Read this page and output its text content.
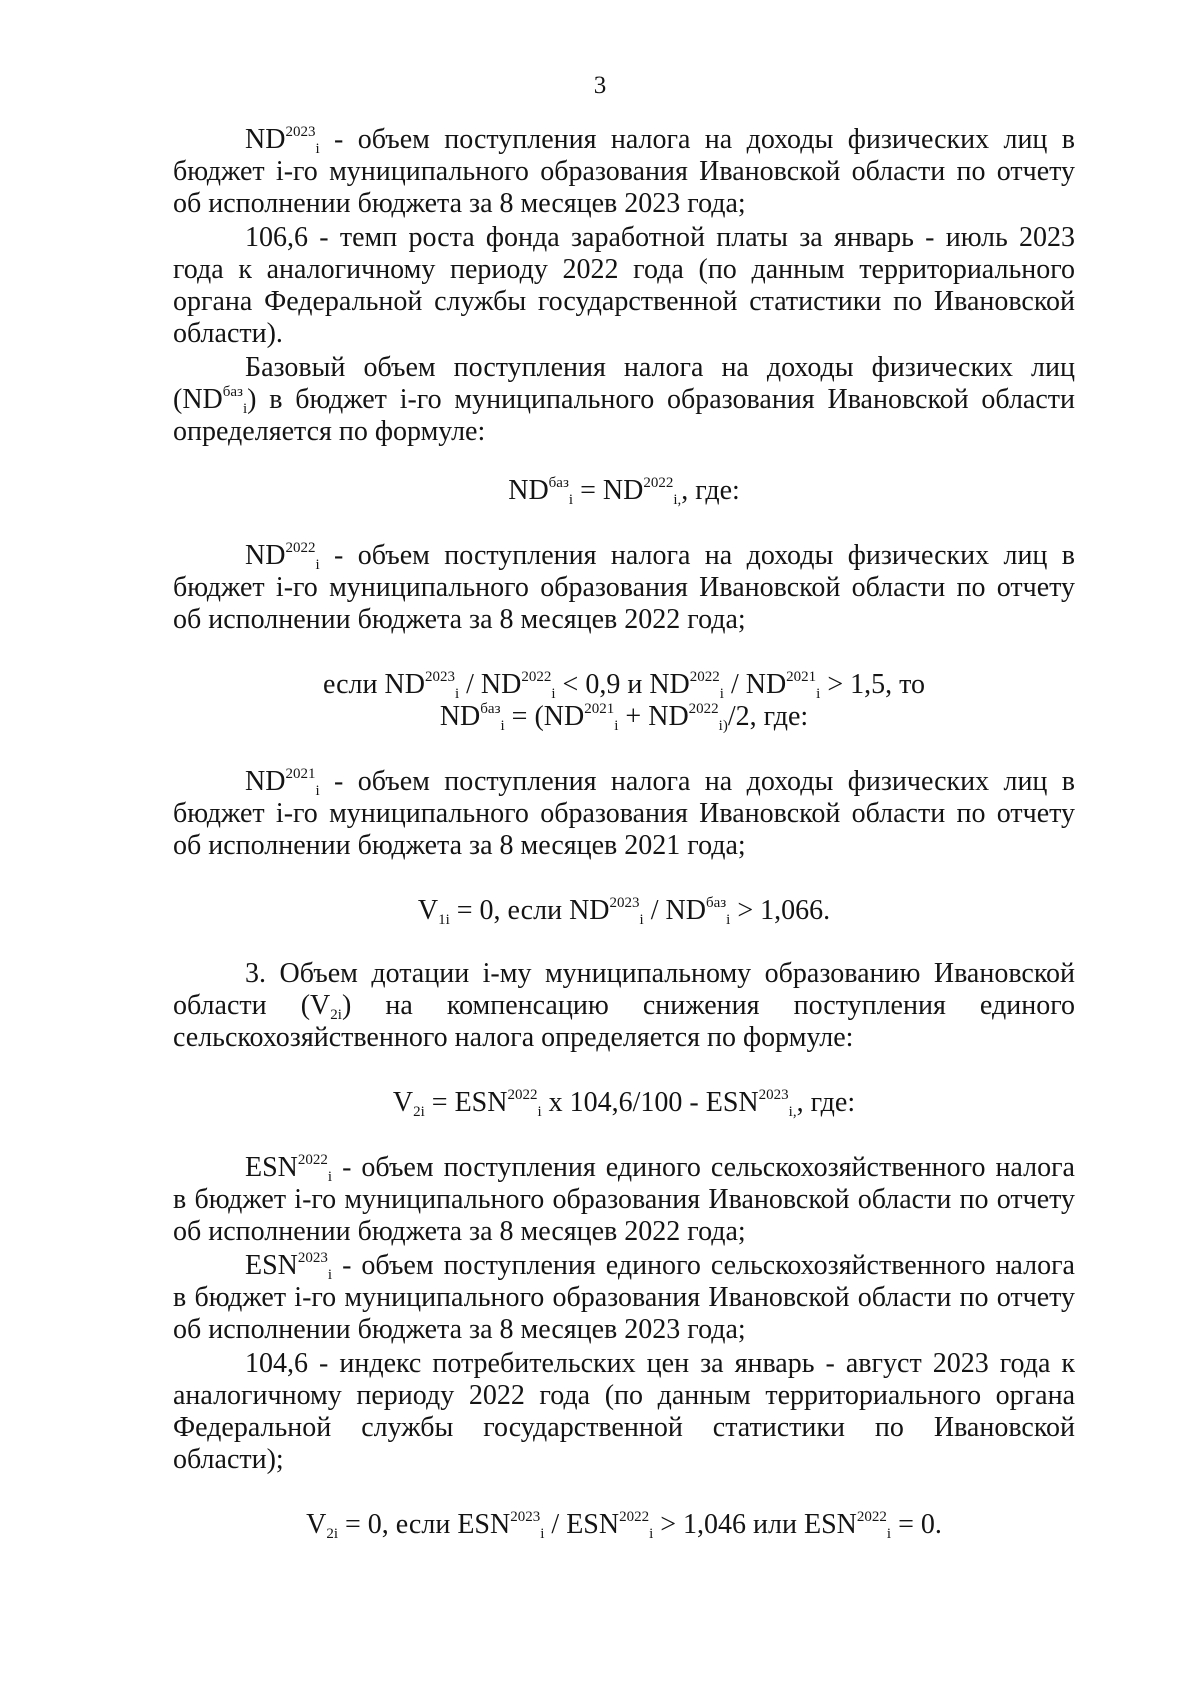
3

$ND^{2023}_i$ - объем поступления налога на доходы физических лиц в бюджет i-го муниципального образования Ивановской области по отчету об исполнении бюджета за 8 месяцев 2023 года;

106,6 - темп роста фонда заработной платы за январь - июль 2023 года к аналогичному периоду 2022 года (по данным территориального органа Федеральной службы государственной статистики по Ивановской области).

Базовый объем поступления налога на доходы физических лиц $(ND^{баз}_i)$ в бюджет i-го муниципального образования Ивановской области определяется по формуле:

$ND^{баз}_i = ND^{2022}_{i,}$, где:

$ND^{2022}_i$ - объем поступления налога на доходы физических лиц в бюджет i-го муниципального образования Ивановской области по отчету об исполнении бюджета за 8 месяцев 2022 года;

если $ND^{2023}_i / ND^{2022}_i < 0,9$ и $ND^{2022}_i / ND^{2021}_i > 1,5$, то

$ND^{баз}_i = (ND^{2021}_i + ND^{2022}_{i)}/2$, где:

$ND^{2021}_i$ - объем поступления налога на доходы физических лиц в бюджет i-го муниципального образования Ивановской области по отчету об исполнении бюджета за 8 месяцев 2021 года;

$V_{1i} = 0$, если $ND^{2023}_i / ND^{баз}_i > 1,066$.

3. Объем дотации i-му муниципальному образованию Ивановской области $(V_{2i})$ на компенсацию снижения поступления единого сельскохозяйственного налога определяется по формуле:

$V_{2i} = ESN^{2022}_i$ х $104,6/100 - ESN^{2023}_{i,}$, где:

$ESN^{2022}_i$ - объем поступления единого сельскохозяйственного налога в бюджет i-го муниципального образования Ивановской области по отчету об исполнении бюджета за 8 месяцев 2022 года;

$ESN^{2023}_i$ - объем поступления единого сельскохозяйственного налога в бюджет i-го муниципального образования Ивановской области по отчету об исполнении бюджета за 8 месяцев 2023 года;

104,6 - индекс потребительских цен за январь - август 2023 года к аналогичному периоду 2022 года (по данным территориального органа Федеральной службы государственной статистики по Ивановской области);

$V_{2i} = 0$, если $ESN^{2023}_i / ESN^{2022}_i > 1,046$ или $ESN^{2022}_i = 0$.
